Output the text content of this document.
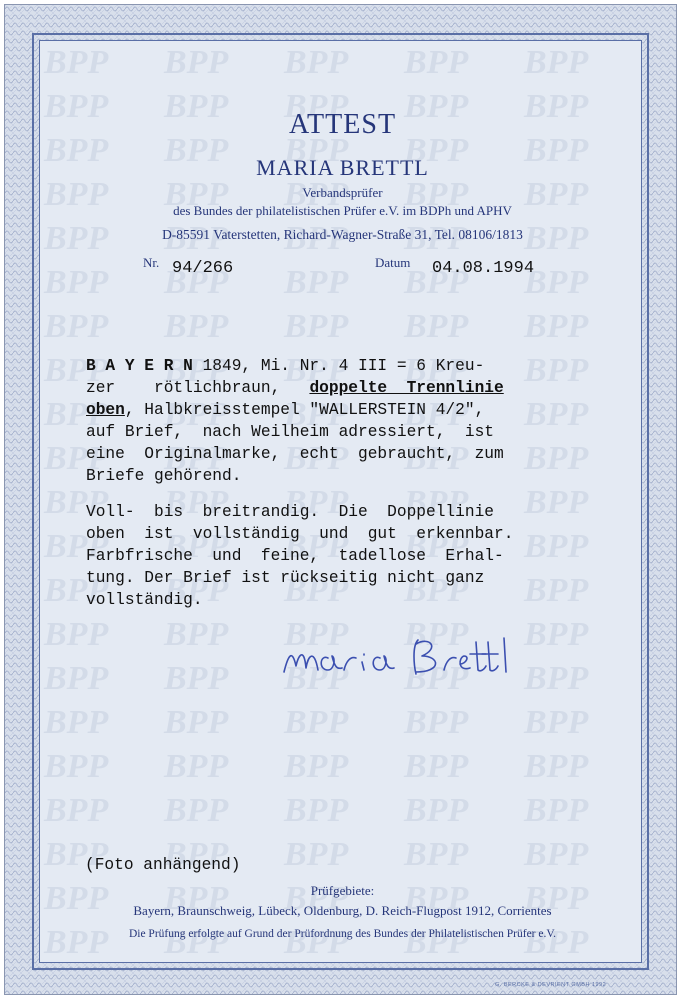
ATTEST
MARIA BRETTL
Verbandsprüfer
des Bundes der philatelistischen Prüfer e.V. im BDPh und APHV
D-85591 Vaterstetten, Richard-Wagner-Straße 31, Tel. 08106/1813
Nr. 94/266	Datum 04.08.1994
B A Y E R N 1849, Mi. Nr. 4 III = 6 Kreu-
zer    rötlichbraun,   doppelte  Trennlinie
oben, Halbkreisstempel "WALLERSTEIN 4/2",
auf Brief,  nach Weilheim adressiert,  ist
eine  Originalmarke,  echt  gebraucht,  zum
Briefe gehörend.
Voll-  bis  breitrandig.  Die  Doppellinie
oben  ist  vollständig  und  gut  erkennbar.
Farbfrische  und  feine,  tadellose  Erhal-
tung. Der Brief ist rückseitig nicht ganz
vollständig.
(Foto anhängend)
Prüfgebiete:
Bayern, Braunschweig, Lübeck, Oldenburg, D. Reich-Flugpost 1912, Corrientes
Die Prüfung erfolgte auf Grund der Prüfordnung des Bundes der Philatelistischen Prüfer e.V.
G. BERCKE & DEVRIENT GMBH 1992
